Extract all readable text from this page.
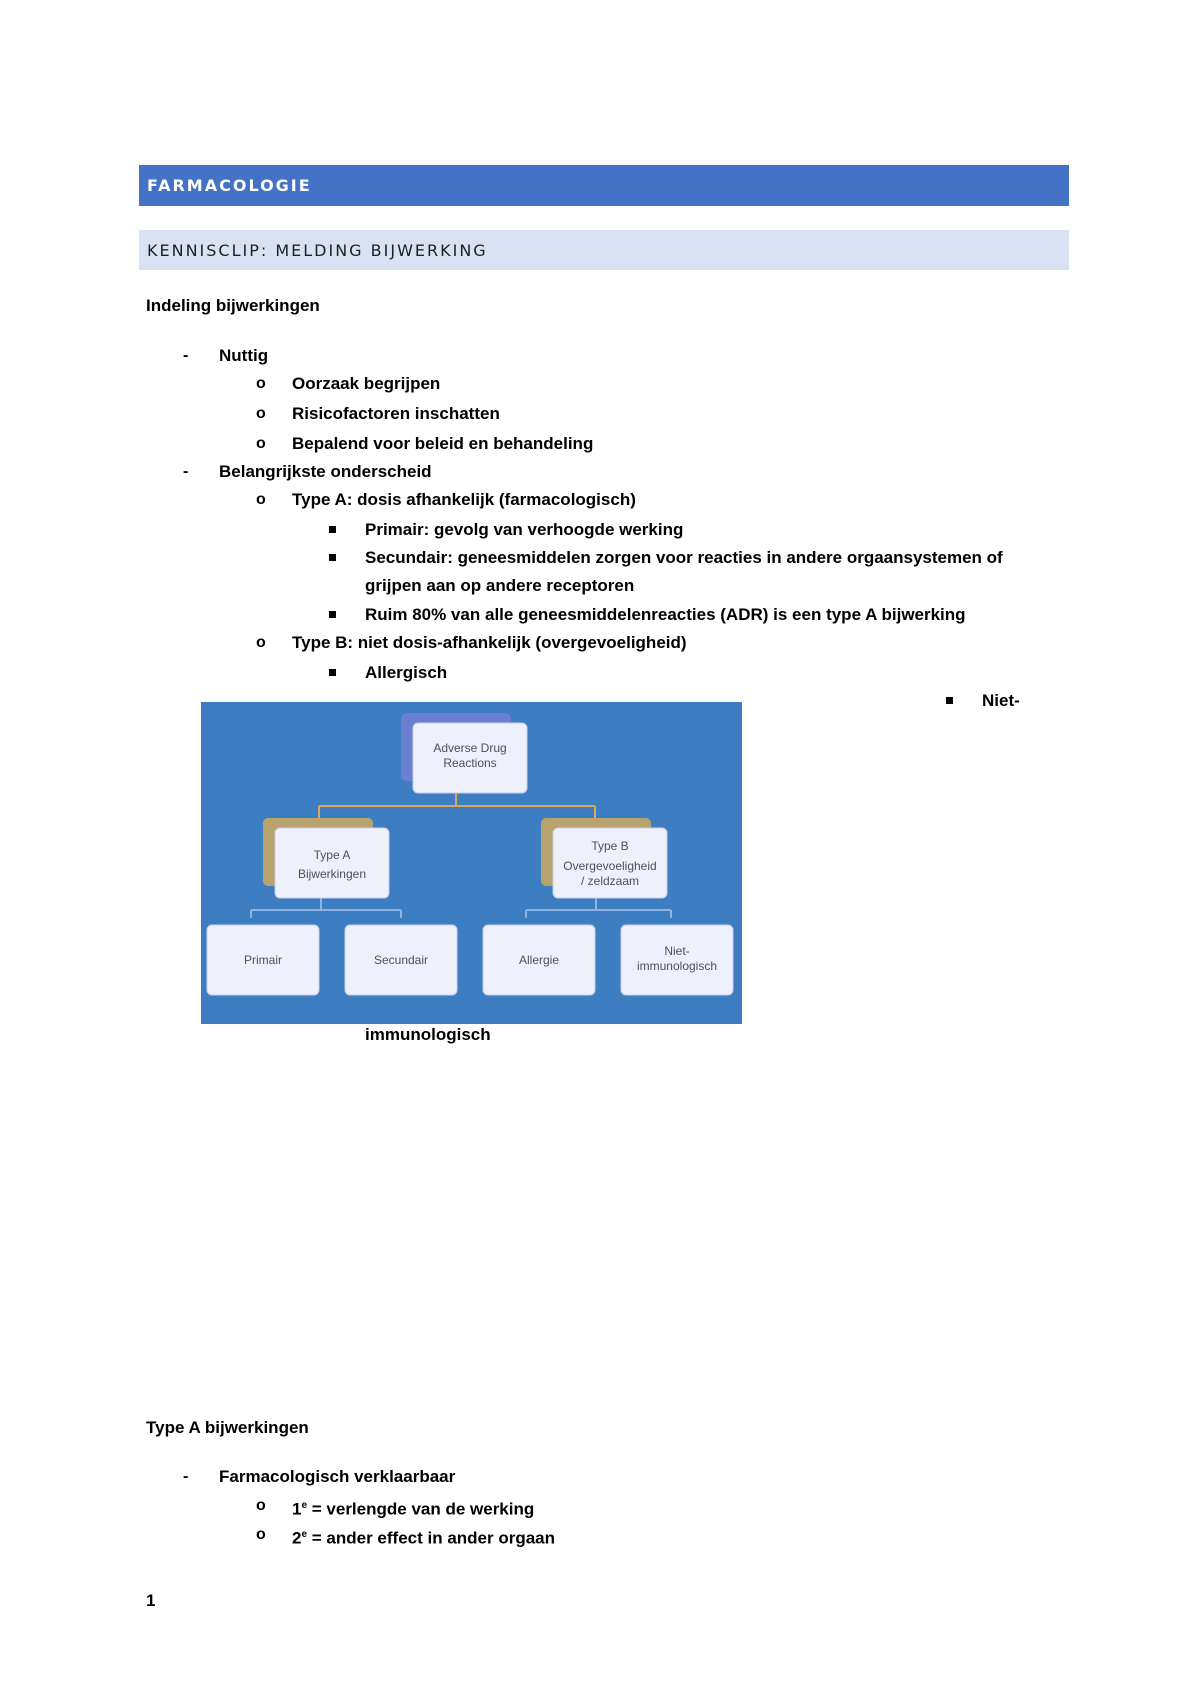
FARMACOLOGIE
KENNISCLIP: MELDING BIJWERKING
Indeling bijwerkingen
- Nuttig
o Oorzaak begrijpen
o Risicofactoren inschatten
o Bepalend voor beleid en behandeling
- Belangrijkste onderscheid
o Type A: dosis afhankelijk (farmacologisch)
Primair: gevolg van verhoogde werking
Secundair: geneesmiddelen zorgen voor reacties in andere orgaansystemen of grijpen aan op andere receptoren
Ruim 80% van alle geneesmiddelenreacties (ADR) is een type A bijwerking
o Type B: niet dosis-afhankelijk (overgevoeligheid)
Allergisch
Niet-
immunologisch
Adverse Drug
Reactions
Type A
Bijwerkingen
Type B
Overgevoeligheid
/ zeldzaam
Primair	Secundair	Allergie
Niet-
immunologisch
Type A bijwerkingen
- Farmacologisch verklaarbaar
o $1^e$ = verlengde van de werking
o $2^e$ = ander effect in ander orgaan
1
